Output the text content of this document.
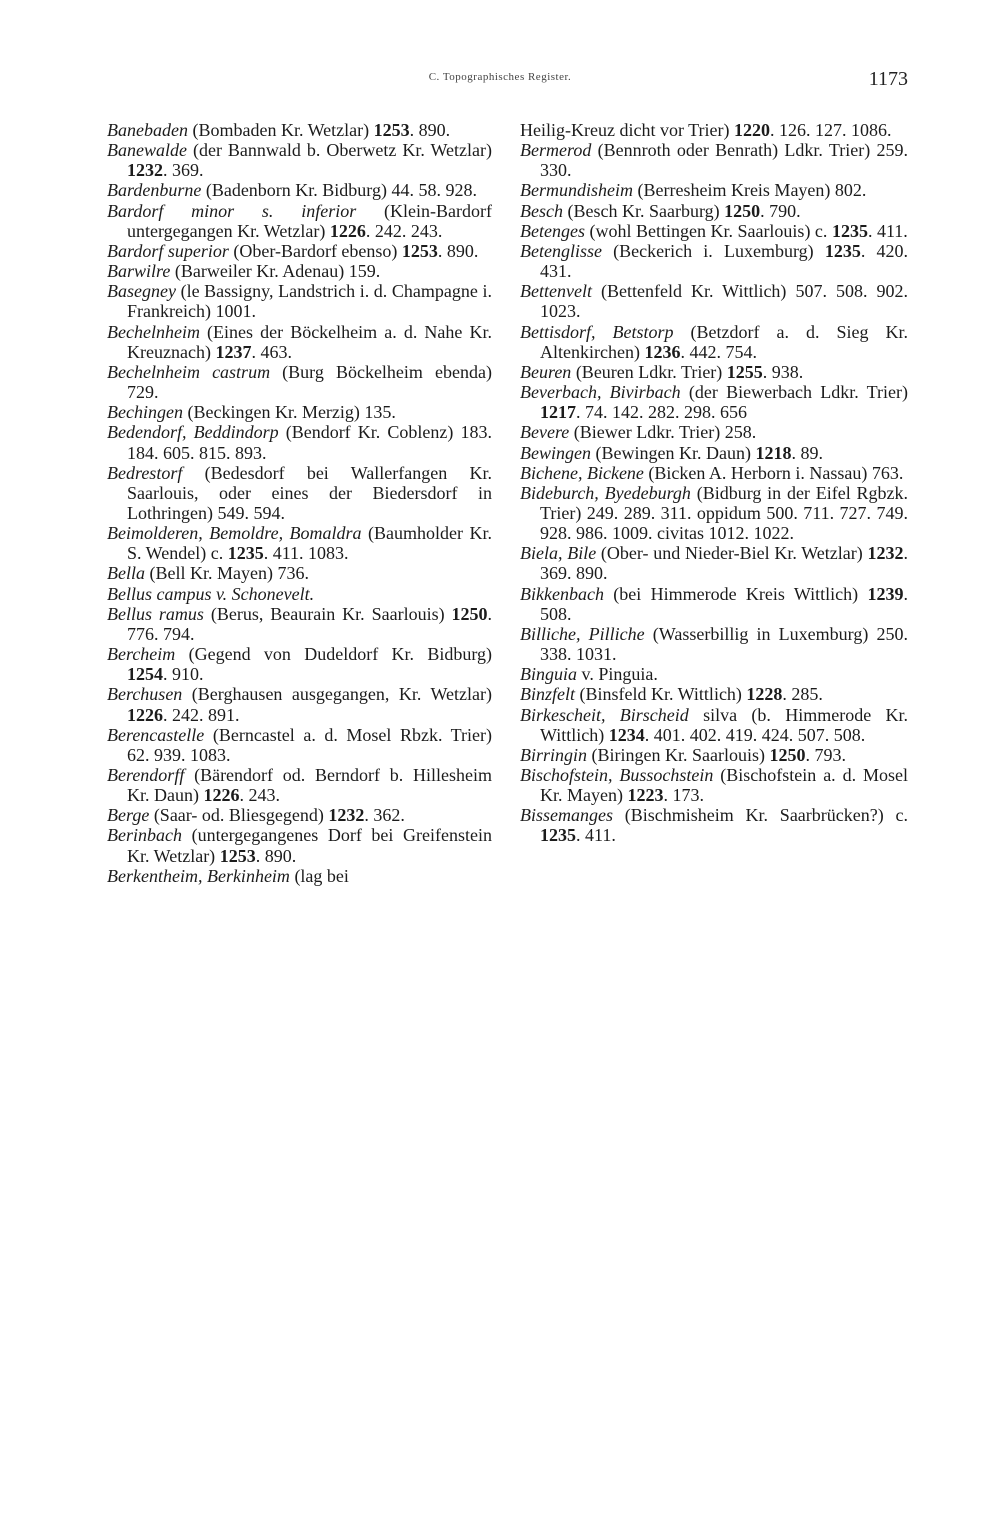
C. Topographisches Register.	1173

Banebaden (Bombaden Kr. Wetzlar) 1253. 890.

Banewalde (der Bannwald b. Oberwetz Kr. Wetzlar) 1232. 369.

Bardenburne (Badenborn Kr. Bidburg) 44. 58. 928.

Bardorf minor s. inferior (Klein-Bardorf untergegangen Kr. Wetzlar) 1226. 242. 243.

Bardorf superior (Ober-Bardorf ebenso) 1253. 890.

Barwilre (Barweiler Kr. Adenau) 159.

Basegney (le Bassigny, Landstrich i. d. Champagne i. Frankreich) 1001.

Bechelnheim (Eines der Böckelheim a. d. Nahe Kr. Kreuznach) 1237. 463.

Bechelnheim castrum (Burg Böckelheim ebenda) 729.

Bechingen (Beckingen Kr. Merzig) 135.

Bedendorf, Beddindorp (Bendorf Kr. Coblenz) 183. 184. 605. 815. 893.

Bedrestorf (Bedesdorf bei Wallerfangen Kr. Saarlouis, oder eines der Biedersdorf in Lothringen) 549. 594.

Beimolderen, Bemoldre, Bomaldra (Baumholder Kr. S. Wendel) c. 1235. 411. 1083.

Bella (Bell Kr. Mayen) 736.

Bellus campus v. Schonevelt.

Bellus ramus (Berus, Beaurain Kr. Saarlouis) 1250. 776. 794.

Bercheim (Gegend von Dudeldorf Kr. Bidburg) 1254. 910.

Berchusen (Berghausen ausgegangen, Kr. Wetzlar) 1226. 242. 891.

Berencastelle (Berncastel a. d. Mosel Rbzk. Trier) 62. 939. 1083.

Berendorff (Bärendorf od. Berndorf b. Hillesheim Kr. Daun) 1226. 243.

Berge (Saar- od. Bliesgegend) 1232. 362.

Berinbach (untergegangenes Dorf bei Greifenstein Kr. Wetzlar) 1253. 890.

Berkentheim, Berkinheim (lag bei

Heilig-Kreuz dicht vor Trier) 1220. 126. 127. 1086.

Bermerod (Bennroth oder Benrath) Ldkr. Trier) 259. 330.

Bermundisheim (Berresheim Kreis Mayen) 802.

Besch (Besch Kr. Saarburg) 1250. 790.

Betenges (wohl Bettingen Kr. Saarlouis) c. 1235. 411.

Betenglisse (Beckerich i. Luxemburg) 1235. 420. 431.

Bettenvelt (Bettenfeld Kr. Wittlich) 507. 508. 902. 1023.

Bettisdorf, Betstorp (Betzdorf a. d. Sieg Kr. Altenkirchen) 1236. 442. 754.

Beuren (Beuren Ldkr. Trier) 1255. 938.

Beverbach, Bivirbach (der Biewerbach Ldkr. Trier) 1217. 74. 142. 282. 298. 656

Bevere (Biewer Ldkr. Trier) 258.

Bewingen (Bewingen Kr. Daun) 1218. 89.

Bichene, Bickene (Bicken A. Herborn i. Nassau) 763.

Bideburch, Byedeburgh (Bidburg in der Eifel Rgbzk. Trier) 249. 289. 311. oppidum 500. 711. 727. 749. 928. 986. 1009. civitas 1012. 1022.

Biela, Bile (Ober- und Nieder-Biel Kr. Wetzlar) 1232. 369. 890.

Bikkenbach (bei Himmerode Kreis Wittlich) 1239. 508.

Billiche, Pilliche (Wasserbillig in Luxemburg) 250. 338. 1031.

Binguia v. Pinguia.

Binzfelt (Binsfeld Kr. Wittlich) 1228. 285.

Birkescheit, Birscheid silva (b. Himmerode Kr. Wittlich) 1234. 401. 402. 419. 424. 507. 508.

Birringin (Biringen Kr. Saarlouis) 1250. 793.

Bischofstein, Bussochstein (Bischofstein a. d. Mosel Kr. Mayen) 1223. 173.

Bissemanges (Bischmisheim Kr. Saarbrücken?) c. 1235. 411.
